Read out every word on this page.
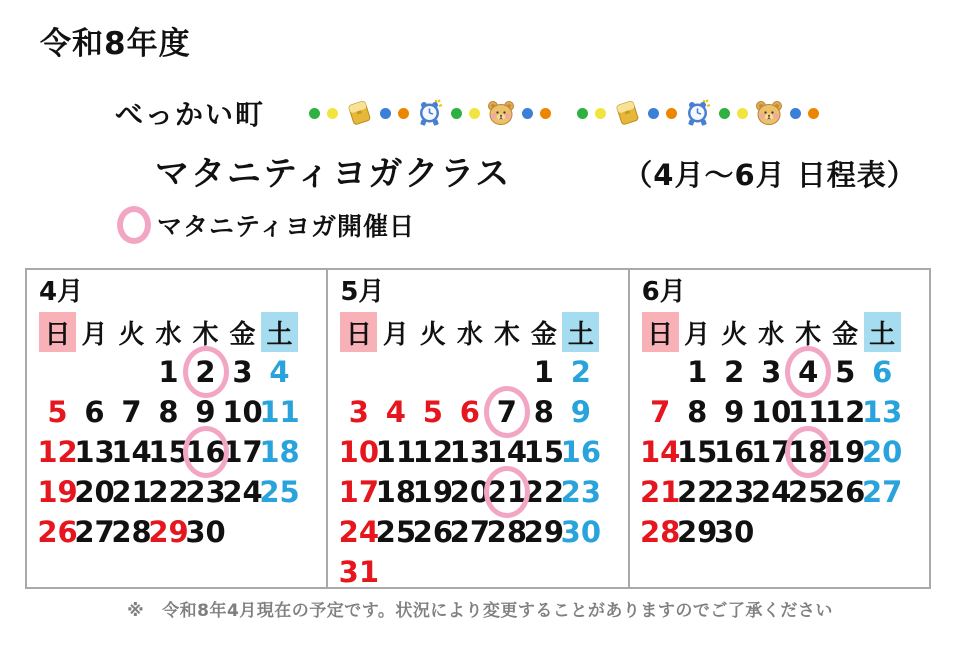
令和8年度
べっかい町
マタニティヨガクラス	（4月～6月 日程表）
マタニティヨガ開催日
4月
日 月 火 水 木 金 土
1 2 3 4
5 6 7 8 9 10
11
12
13
14
15
16
17
18
19
20
21
22
23
24
25
26
27
28
29
30
5月
日 月 火 水 木 金 土
1 2
3 4 5 6 7 8 9
10
11
12
13
14
15
16
17
18
19
20
21
22
23
24
25
26
27
28
29
30
31
6月
日 月 火 水 木 金 土
1 2 3 4 5 6
7 8 9 10
11
12
13
14
15
16
17
18
19
20
21
22
23
24
25
26
27
28
29
30
※ 令和8年4月現在の予定です。状況により変更することがありますのでご了承ください
